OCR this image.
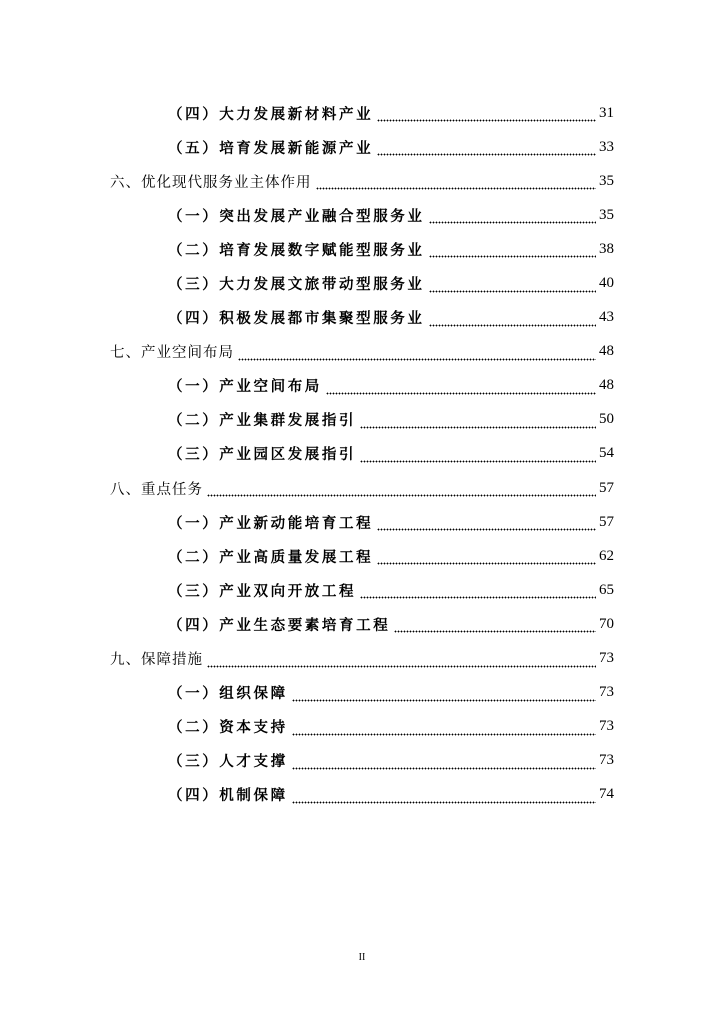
（四）大力发展新材料产业	31
（五）培育发展新能源产业	33
六、优化现代服务业主体作用	35
（一）突出发展产业融合型服务业	35
（二）培育发展数字赋能型服务业	38
（三）大力发展文旅带动型服务业	40
（四）积极发展都市集聚型服务业	43
七、产业空间布局	48
（一）产业空间布局	48
（二）产业集群发展指引	50
（三）产业园区发展指引	54
八、重点任务	57
（一）产业新动能培育工程	57
（二）产业高质量发展工程	62
（三）产业双向开放工程	65
（四）产业生态要素培育工程	70
九、保障措施	73
（一）组织保障	73
（二）资本支持	73
（三）人才支撑	73
（四）机制保障	74
II
